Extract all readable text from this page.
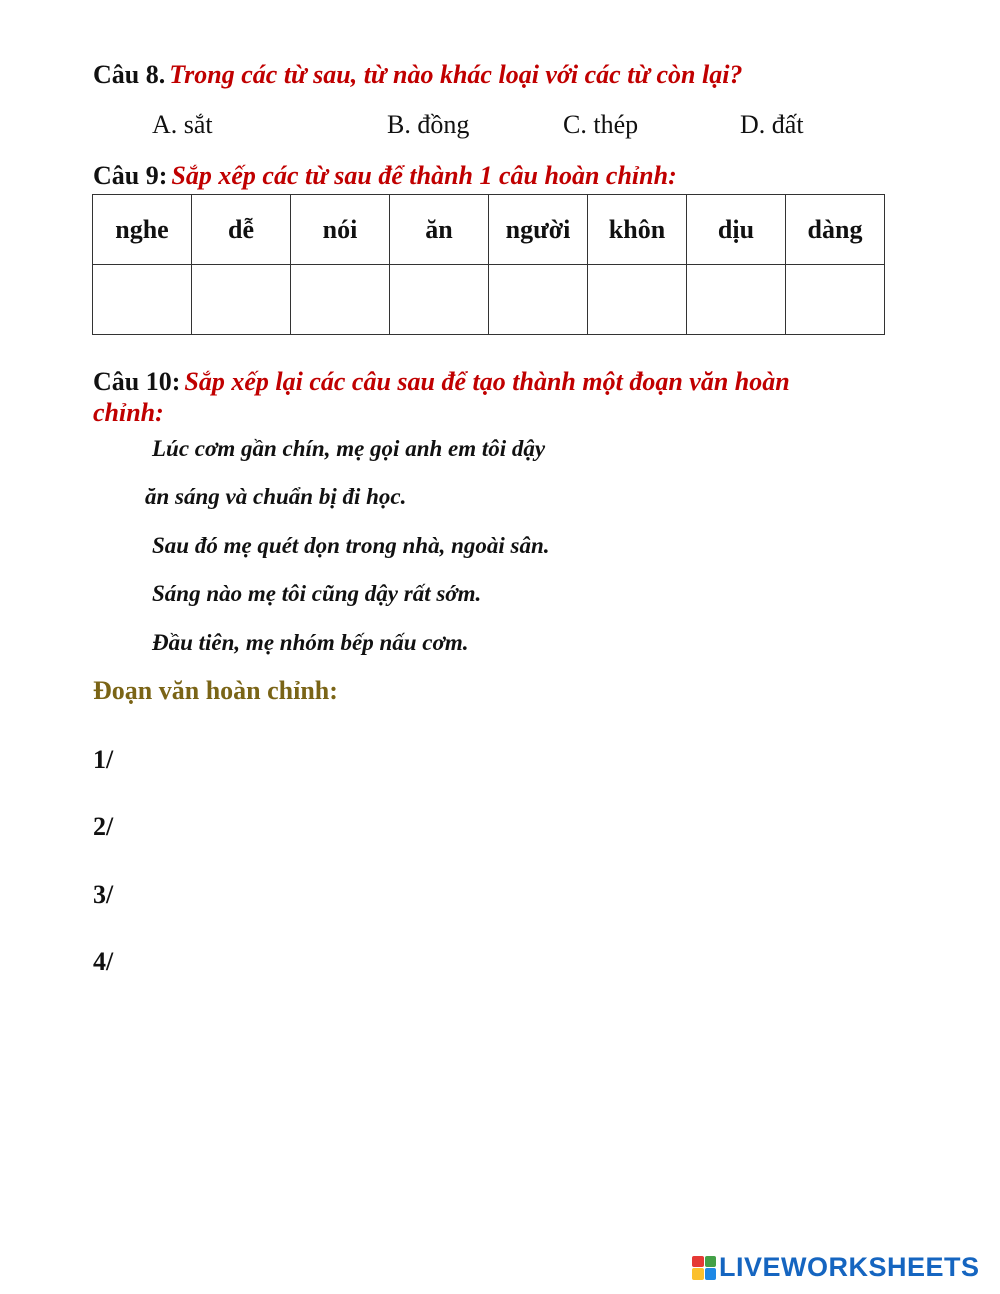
Câu 8. Trong các từ sau, từ nào khác loại với các từ còn lại?
A. sắt	B. đồng	C. thép	D. đất
Câu 9: Sắp xếp các từ sau để thành 1 câu hoàn chỉnh:
nghe	dễ	nói	ăn	người	khôn	dịu	dàng

Câu 10: Sắp xếp lại các câu sau để tạo thành một đoạn văn hoàn
chỉnh:
Lúc cơm gần chín, mẹ gọi anh em tôi dậy
ăn sáng và chuẩn bị đi học.
Sau đó mẹ quét dọn trong nhà, ngoài sân.
Sáng nào mẹ tôi cũng dậy rất sớm.
Đầu tiên, mẹ nhóm bếp nấu cơm.
Đoạn văn hoàn chỉnh:
1/
2/
3/
4/
LIVEWORKSHEETS
